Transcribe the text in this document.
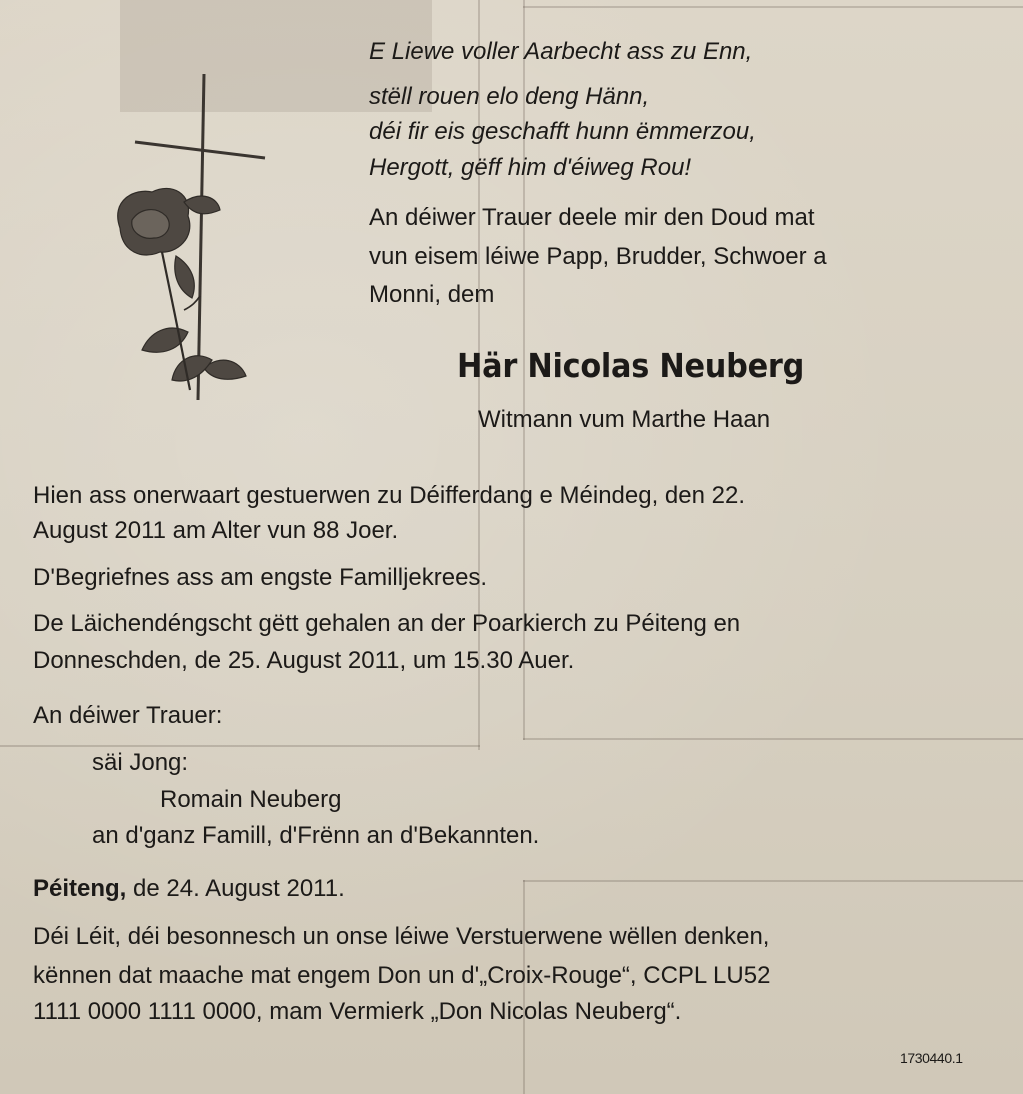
E Liewe voller Aarbecht ass zu Enn,
stëll rouen elo deng Hänn,
déi fir eis geschafft hunn ëmmerzou,
Hergott, gëff him d'éiweg Rou!
An déiwer Trauer deele mir den Doud mat
vun eisem léiwe Papp, Brudder, Schwoer a
Monni, dem
Här Nicolas Neuberg
Witmann vum Marthe Haan
Hien ass onerwaart gestuerwen zu Déifferdang e Méindeg, den 22.
August 2011 am Alter vun 88 Joer.
D'Begriefnes ass am engste Familljekrees.
De Läichendéngscht gëtt gehalen an der Poarkierch zu Péiteng en
Donneschden, de 25. August 2011, um 15.30 Auer.
An déiwer Trauer:
säi Jong:
Romain Neuberg
an d'ganz Famill, d'Frënn an d'Bekannten.
Péiteng, de 24. August 2011.
Déi Léit, déi besonnesch un onse léiwe Verstuerwene wëllen denken,
kënnen dat maache mat engem Don un d'„Croix-Rouge“, CCPL LU52
1111 0000 1111 0000, mam Vermierk „Don Nicolas Neuberg“.
1730440.1
